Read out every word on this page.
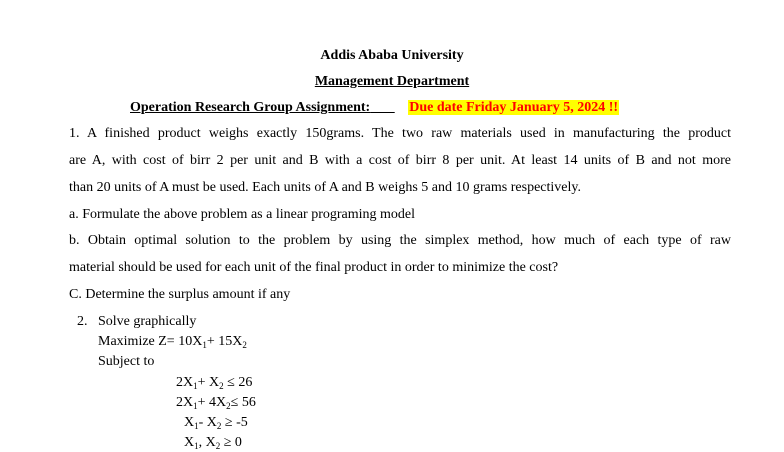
Addis Ababa University
Management Department
Operation Research Group Assignment:	Due date Friday January 5, 2024 !!
1. A finished product weighs exactly 150grams. The two raw materials used in manufacturing the product
are A, with cost of birr 2 per unit and B with a cost of birr 8 per unit. At least 14 units of B and not more
than 20 units of A must be used. Each units of A and B weighs 5 and 10 grams respectively.
a. Formulate the above problem as a linear programing model
b. Obtain optimal solution to the problem by using the simplex method, how much of each type of raw
material should be used for each unit of the final product in order to minimize the cost?
C. Determine the surplus amount if any
2. Solve graphically
Maximize $Z= 10X_1+ 15X_2$
Subject to
$2X_1+ X_2 \le 26$
$2X_1+ 4X_2\le 56$
$X_1-$ $X_2 \ge -5$
$X_1$, $X_2 \ge 0$
